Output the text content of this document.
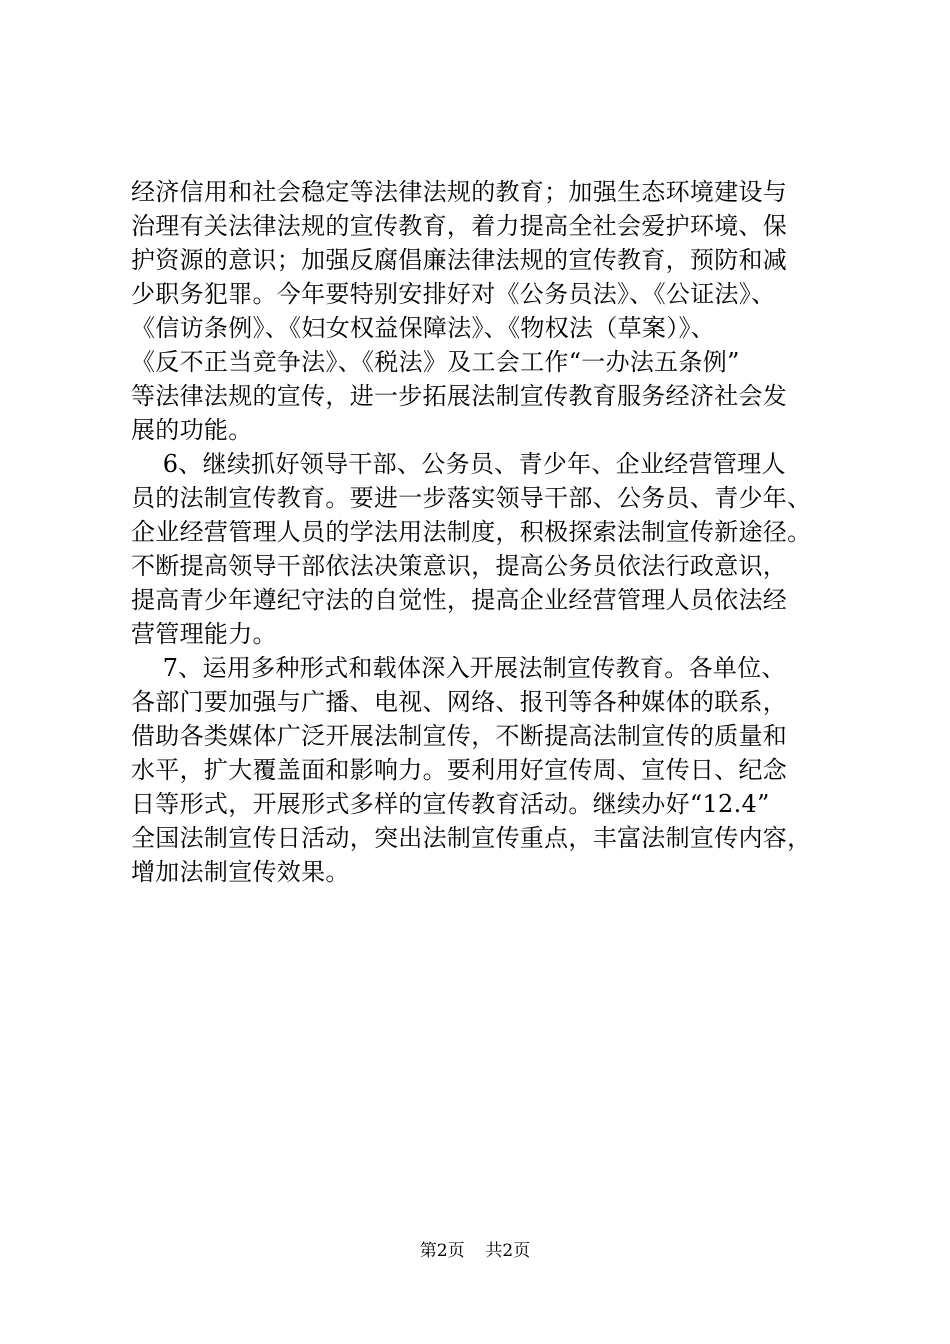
经济信用和社会稳定等法律法规的教育；加强生态环境建设与
治理有关法律法规的宣传教育，着力提高全社会爱护环境、保
护资源的意识；加强反腐倡廉法律法规的宣传教育，预防和减
少职务犯罪。今年要特别安排好对《公务员法》、《公证法》、
《信访条例》、《妇女权益保障法》、《物权法（草案）》、
《反不正当竞争法》、《税法》及工会工作“一办法五条例”
等法律法规的宣传，进一步拓展法制宣传教育服务经济社会发
展的功能。
6、继续抓好领导干部、公务员、青少年、企业经营管理人
员的法制宣传教育。要进一步落实领导干部、公务员、青少年、
企业经营管理人员的学法用法制度，积极探索法制宣传新途径。
不断提高领导干部依法决策意识，提高公务员依法行政意识，
提高青少年遵纪守法的自觉性，提高企业经营管理人员依法经
营管理能力。
7、运用多种形式和载体深入开展法制宣传教育。各单位、
各部门要加强与广播、电视、网络、报刊等各种媒体的联系，
借助各类媒体广泛开展法制宣传，不断提高法制宣传的质量和
水平，扩大覆盖面和影响力。要利用好宣传周、宣传日、纪念
日等形式，开展形式多样的宣传教育活动。继续办好“12.4”
全国法制宣传日活动，突出法制宣传重点，丰富法制宣传内容，
增加法制宣传效果。
第2页 共2页
